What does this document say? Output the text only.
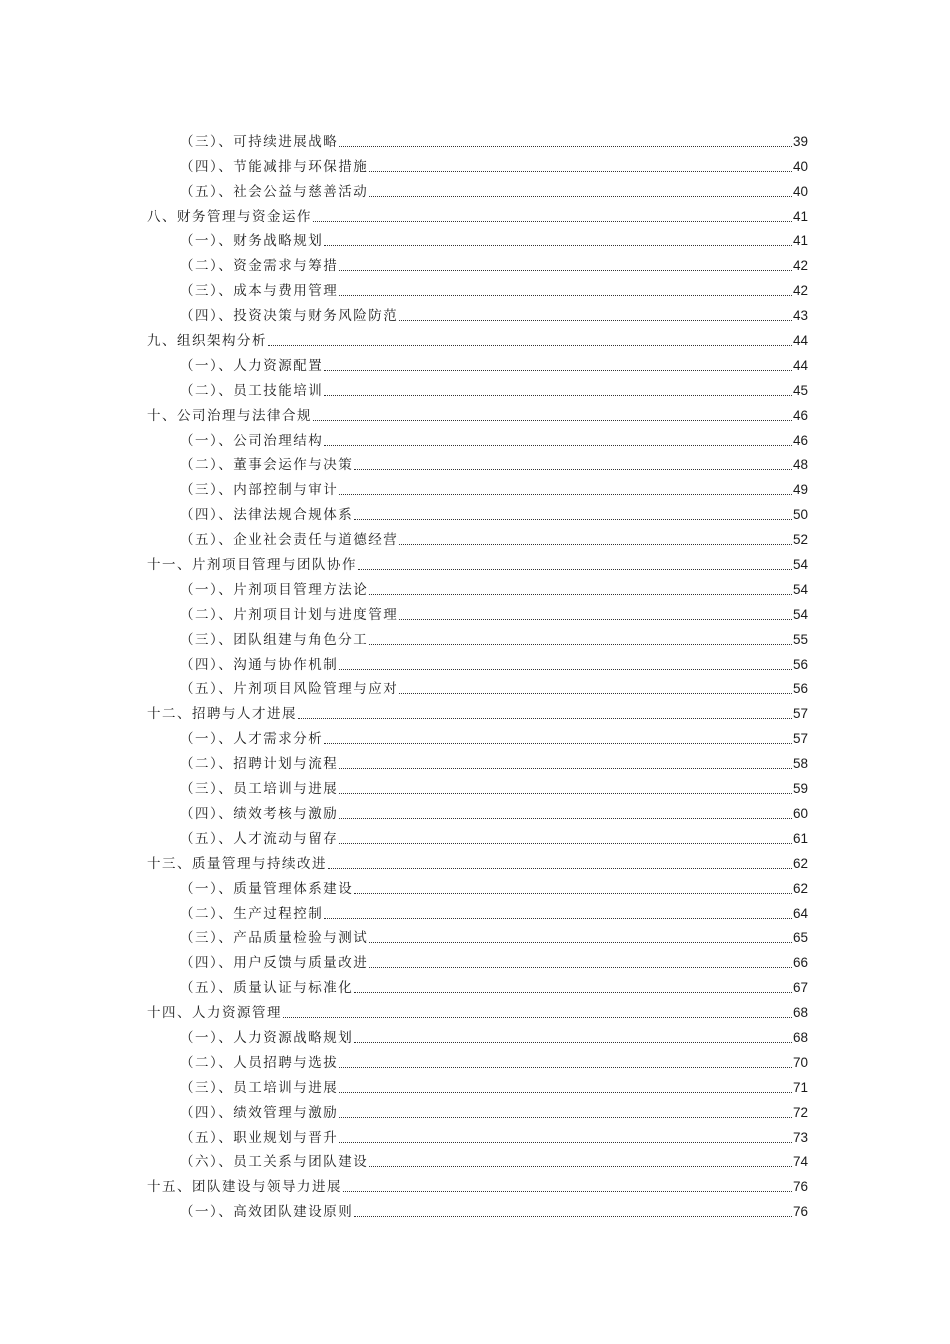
（三）、可持续进展战略	39
（四）、节能减排与环保措施	40
（五）、社会公益与慈善活动	40
八、财务管理与资金运作	41
（一）、财务战略规划	41
（二）、资金需求与筹措	42
（三）、成本与费用管理	42
（四）、投资决策与财务风险防范	43
九、组织架构分析	44
（一）、人力资源配置	44
（二）、员工技能培训	45
十、公司治理与法律合规	46
（一）、公司治理结构	46
（二）、董事会运作与决策	48
（三）、内部控制与审计	49
（四）、法律法规合规体系	50
（五）、企业社会责任与道德经营	52
十一、片剂项目管理与团队协作	54
（一）、片剂项目管理方法论	54
（二）、片剂项目计划与进度管理	54
（三）、团队组建与角色分工	55
（四）、沟通与协作机制	56
（五）、片剂项目风险管理与应对	56
十二、招聘与人才进展	57
（一）、人才需求分析	57
（二）、招聘计划与流程	58
（三）、员工培训与进展	59
（四）、绩效考核与激励	60
（五）、人才流动与留存	61
十三、质量管理与持续改进	62
（一）、质量管理体系建设	62
（二）、生产过程控制	64
（三）、产品质量检验与测试	65
（四）、用户反馈与质量改进	66
（五）、质量认证与标准化	67
十四、人力资源管理	68
（一）、人力资源战略规划	68
（二）、人员招聘与选拔	70
（三）、员工培训与进展	71
（四）、绩效管理与激励	72
（五）、职业规划与晋升	73
（六）、员工关系与团队建设	74
十五、团队建设与领导力进展	76
（一）、高效团队建设原则	76
